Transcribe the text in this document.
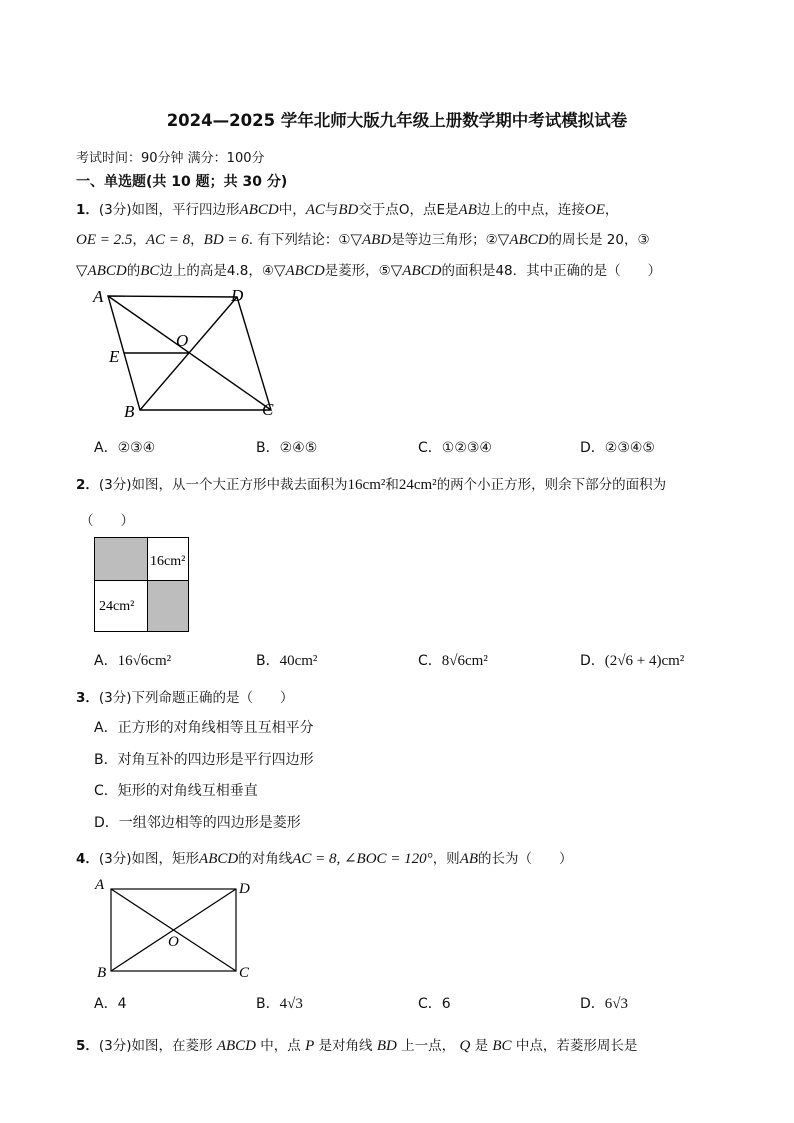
2024—2025 学年北师大版九年级上册数学期中考试模拟试卷
考试时间：90分钟 满分：100分
一、单选题(共 10 题；共 30 分)
1．(3分)如图，平行四边形ABCD中，AC与BD交于点O，点E是AB边上的中点，连接OE，
OE = 2.5，AC = 8，BD = 6. 有下列结论：①▽ABD是等边三角形；②▽ABCD的周长是 20，③
▽ABCD的BC边上的高是4.8，④▽ABCD是菱形，⑤▽ABCD的面积是48．其中正确的是（　　）
A	D
E
O
B	C
A．②③④	B．②④⑤	C．①②③④	D．②③④⑤
2．(3分)如图，从一个大正方形中裁去面积为16cm²和24cm²的两个小正方形，则余下部分的面积为
（　　）
16cm²
24cm²
A．16√6cm²	B．40cm²	C．8√6cm²	D．(2√6 + 4)cm²
3．(3分)下列命题正确的是（　　）
A．正方形的对角线相等且互相平分
B．对角互补的四边形是平行四边形
C．矩形的对角线互相垂直
D．一组邻边相等的四边形是菱形
4．(3分)如图，矩形ABCD的对角线AC = 8, ∠BOC = 120°，则AB的长为（　　）
A	D
O
B	C
A．4	B．4√3	C．6	D．6√3
5．(3分)如图，在菱形 ABCD 中，点 P 是对角线 BD 上一点， Q 是 BC 中点，若菱形周长是
